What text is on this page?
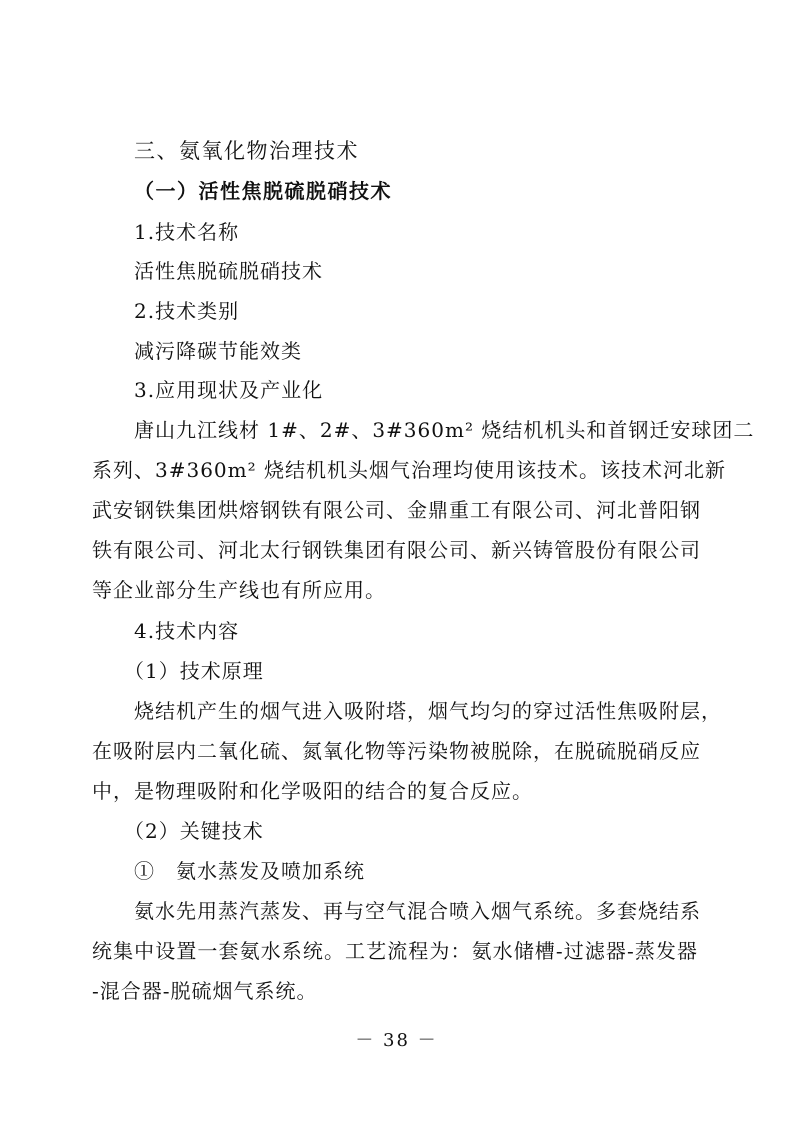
三、氨氧化物治理技术
（一）活性焦脱硫脱硝技术
1.技术名称
活性焦脱硫脱硝技术
2.技术类别
减污降碳节能效类
3.应用现状及产业化
唐山九江线材 1#、2#、3#360m² 烧结机机头和首钢迁安球团二
系列、3#360m² 烧结机机头烟气治理均使用该技术。该技术河北新
武安钢铁集团烘熔钢铁有限公司、金鼎重工有限公司、河北普阳钢
铁有限公司、河北太行钢铁集团有限公司、新兴铸管股份有限公司
等企业部分生产线也有所应用。
4.技术内容
（1）技术原理
烧结机产生的烟气进入吸附塔，烟气均匀的穿过活性焦吸附层，
在吸附层内二氧化硫、氮氧化物等污染物被脱除，在脱硫脱硝反应
中，是物理吸附和化学吸阳的结合的复合反应。
（2）关键技术
①　氨水蒸发及喷加系统
氨水先用蒸汽蒸发、再与空气混合喷入烟气系统。多套烧结系
统集中设置一套氨水系统。工艺流程为：氨水储槽-过滤器-蒸发器
-混合器-脱硫烟气系统。
－ 38 －
